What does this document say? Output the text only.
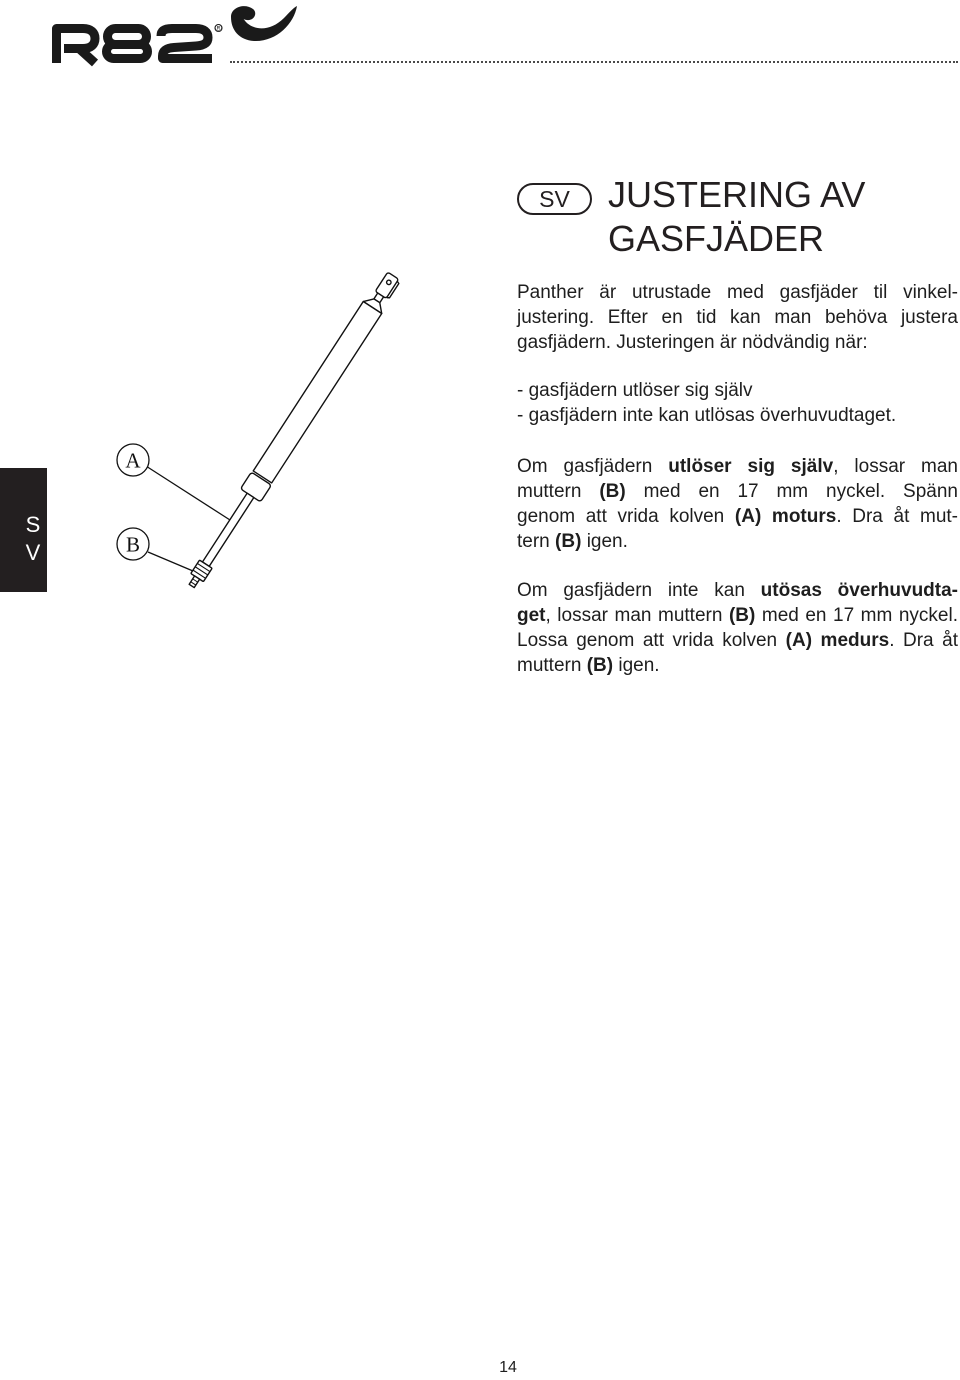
®
SV	JUSTERING AV
GASFJÄDER
S
V
A
B
Panther är utrustade med gasfjäder til vinkel-
justering. Efter en tid kan man behöva justera
gasfjädern. Justeringen är nödvändig när:
- gasfjädern utlöser sig själv
- gasfjädern inte kan utlösas överhuvudtaget.
Om gasfjädern utlöser sig själv, lossar man
muttern (B) med en 17 mm nyckel. Spänn
genom att vrida kolven (A) moturs. Dra åt mut-
tern (B) igen.
Om gasfjädern inte kan utösas överhuvudta-
get, lossar man muttern (B) med en 17 mm nyckel.
Lossa genom att vrida kolven (A) medurs. Dra åt
muttern (B) igen.
14
